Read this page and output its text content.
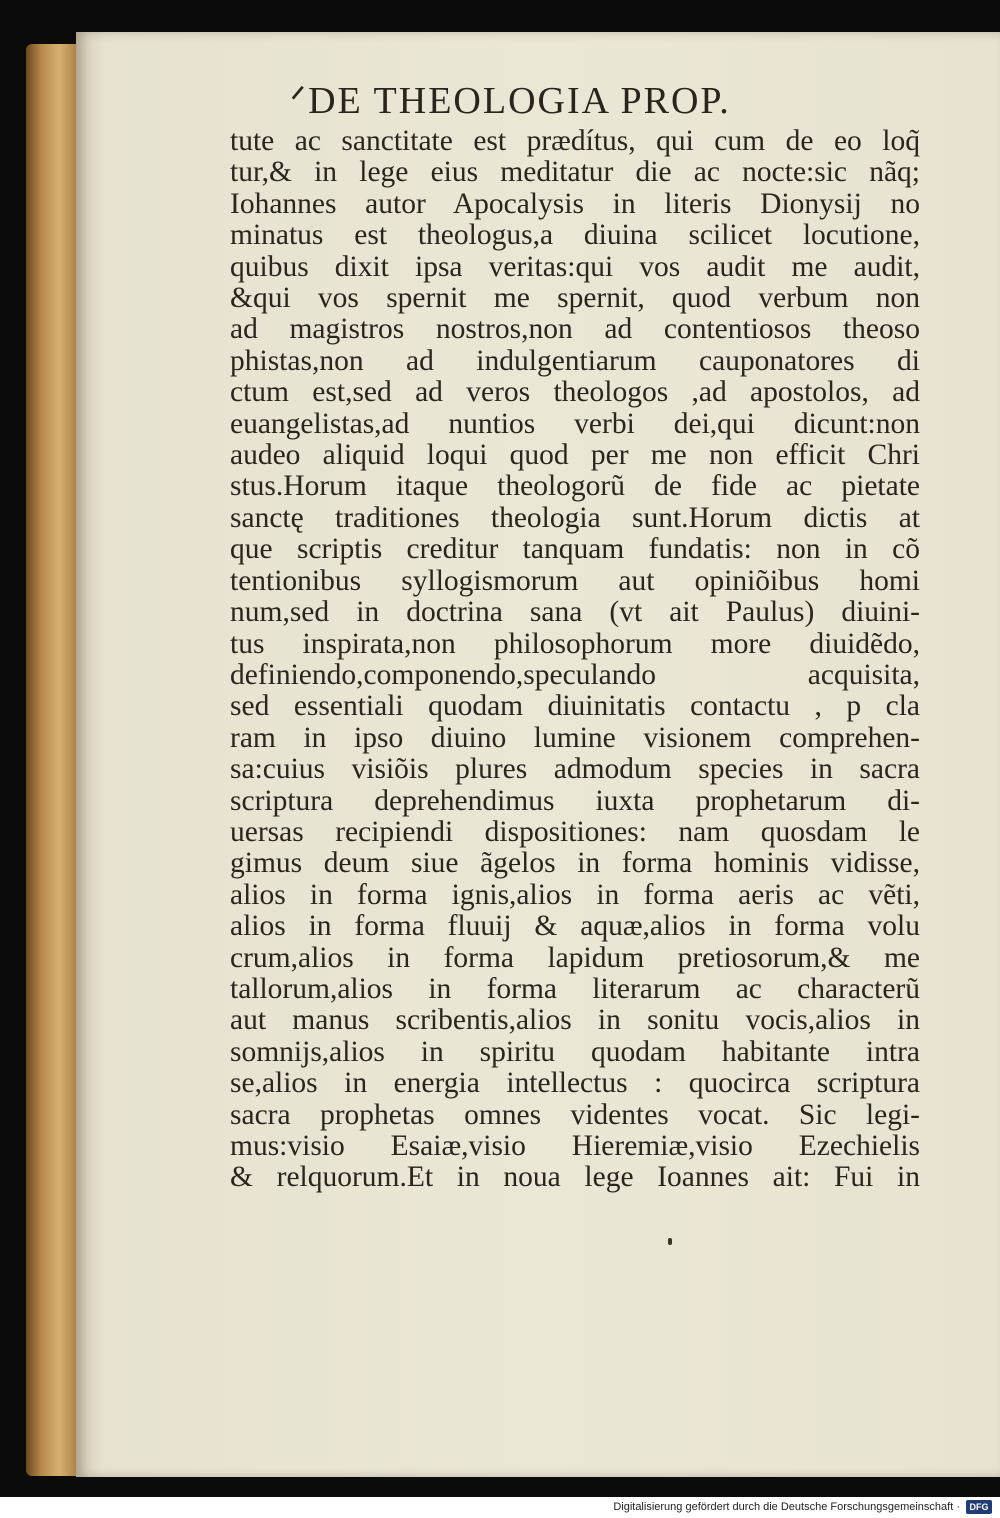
ᐟDE THEOLOGIA PROP.
tute ac sanctitate est prædítus, qui cum de eo loq̃
tur,& in lege eius meditatur die ac nocte:sic nãq;
Iohannes autor Apocalysis in literis Dionysij no
minatus est theologus,a diuina scilicet locutione,
quibus dixit ipsa veritas:qui vos audit me audit,
&qui vos spernit me spernit, quod verbum non
ad magistros nostros,non ad contentiosos theoso
phistas,non ad indulgentiarum cauponatores di
ctum est,sed ad veros theologos ,ad apostolos, ad
euangelistas,ad nuntios verbi dei,qui dicunt:non
audeo aliquid loqui quod per me non efficit Chri
stus.Horum itaque theologorũ de fide ac pietate
sanctę traditiones theologia sunt.Horum dictis at
que scriptis creditur tanquam fundatis: non in cõ
tentionibus syllogismorum aut opiniõibus homi
num,sed in doctrina sana (vt ait Paulus) diuini-
tus inspirata,non philosophorum more diuidẽdo,
definiendo,componendo,speculando acquisita,
sed essentiali quodam diuinitatis contactu , p cla
ram in ipso diuino lumine visionem comprehen-
sa:cuius visiõis plures admodum species in sacra
scriptura deprehendimus iuxta prophetarum di-
uersas recipiendi dispositiones: nam quosdam le
gimus deum siue ãgelos in forma hominis vidisse,
alios in forma ignis,alios in forma aeris ac vẽti,
alios in forma fluuij & aquæ,alios in forma volu
crum,alios in forma lapidum pretiosorum,& me
tallorum,alios in forma literarum ac characterũ
aut manus scribentis,alios in sonitu vocis,alios in
somnijs,alios in spiritu quodam habitante intra
se,alios in energia intellectus : quocirca scriptura
sacra prophetas omnes videntes vocat. Sic legi-
mus:visio Esaiæ,visio Hieremiæ,visio Ezechielis
& relquorum.Et in noua lege Ioannes ait: Fui in
Digitalisierung gefördert durch die Deutsche Forschungsgemeinschaft ·	DFG
